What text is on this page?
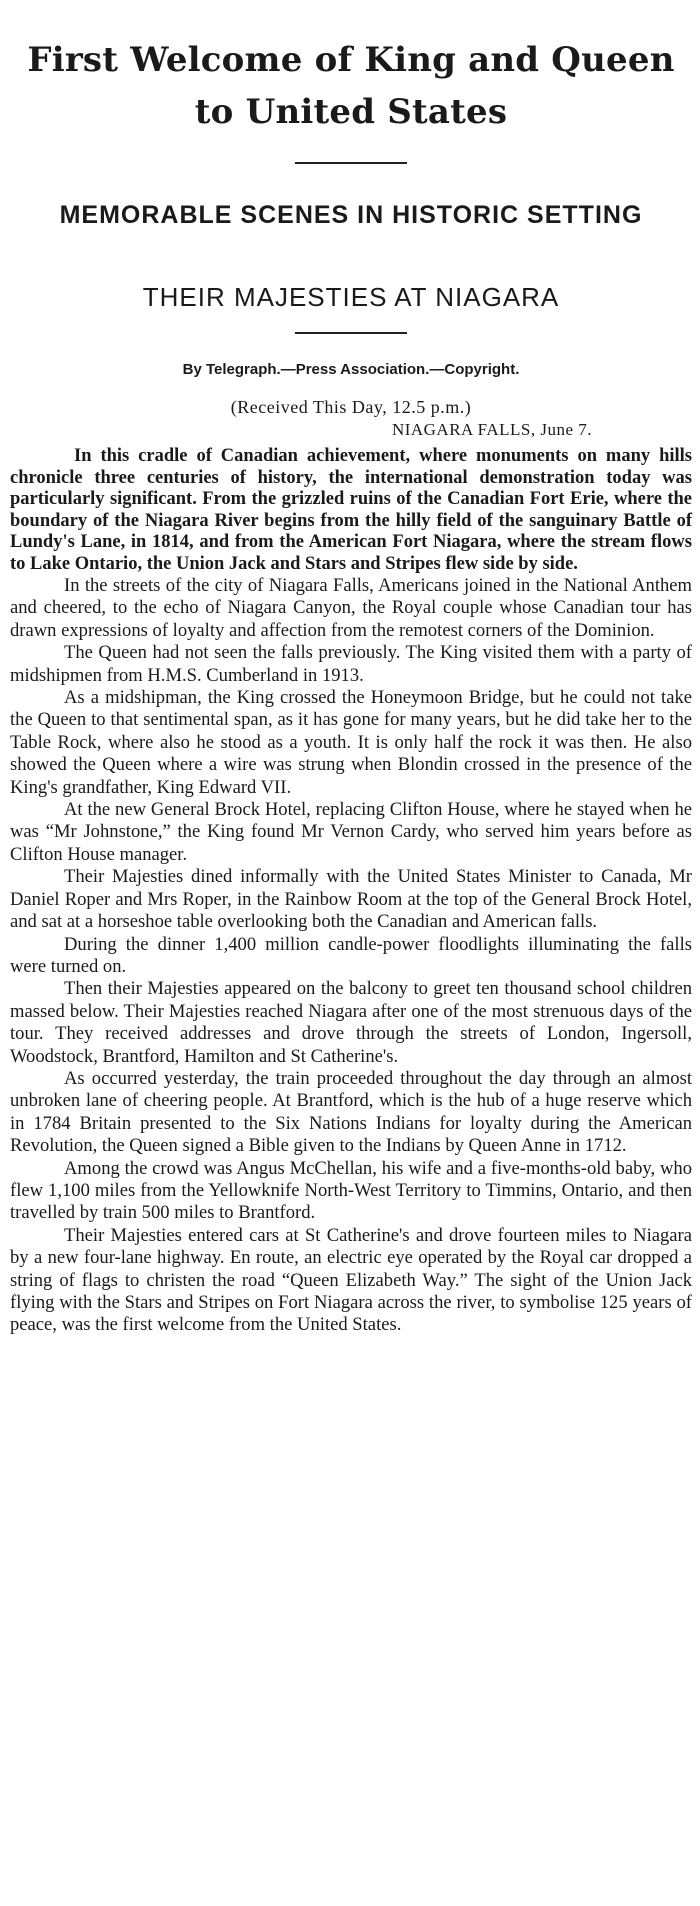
First Welcome of King and Queen
to United States
MEMORABLE SCENES IN HISTORIC SETTING
THEIR MAJESTIES AT NIAGARA
By Telegraph.—Press Association.—Copyright.
(Received This Day, 12.5 p.m.)
NIAGARA FALLS, June 7.

In this cradle of Canadian achievement, where monuments on many hills chronicle three centuries of history, the international demonstration today was particularly significant. From the grizzled ruins of the Canadian Fort Erie, where the boundary of the Niagara River begins from the hilly field of the sanguinary Battle of Lundy's Lane, in 1814, and from the American Fort Niagara, where the stream flows to Lake Ontario, the Union Jack and Stars and Stripes flew side by side.

In the streets of the city of Niagara Falls, Americans joined in the National Anthem and cheered, to the echo of Niagara Canyon, the Royal couple whose Canadian tour has drawn expressions of loyalty and affection from the remotest corners of the Dominion.

The Queen had not seen the falls previously. The King visited them with a party of midshipmen from H.M.S. Cumberland in 1913.

As a midshipman, the King crossed the Honeymoon Bridge, but he could not take the Queen to that sentimental span, as it has gone for many years, but he did take her to the Table Rock, where also he stood as a youth. It is only half the rock it was then. He also showed the Queen where a wire was strung when Blondin crossed in the presence of the King's grandfather, King Edward VII.

At the new General Brock Hotel, replacing Clifton House, where he stayed when he was “Mr Johnstone,” the King found Mr Vernon Cardy, who served him years before as Clifton House manager.

Their Majesties dined informally with the United States Minister to Canada, Mr Daniel Roper and Mrs Roper, in the Rainbow Room at the top of the General Brock Hotel, and sat at a horseshoe table overlooking both the Canadian and American falls.

During the dinner 1,400 million candle-power floodlights illuminating the falls were turned on.

Then their Majesties appeared on the balcony to greet ten thousand school children massed below. Their Majesties reached Niagara after one of the most strenuous days of the tour. They received addresses and drove through the streets of London, Ingersoll, Woodstock, Brantford, Hamilton and St Catherine's.

As occurred yesterday, the train proceeded throughout the day through an almost unbroken lane of cheering people. At Brantford, which is the hub of a huge reserve which in 1784 Britain presented to the Six Nations Indians for loyalty during the American Revolution, the Queen signed a Bible given to the Indians by Queen Anne in 1712.

Among the crowd was Angus McChellan, his wife and a five-months-old baby, who flew 1,100 miles from the Yellowknife North-West Territory to Timmins, Ontario, and then travelled by train 500 miles to Brantford.

Their Majesties entered cars at St Catherine's and drove fourteen miles to Niagara by a new four-lane highway. En route, an electric eye operated by the Royal car dropped a string of flags to christen the road “Queen Elizabeth Way.” The sight of the Union Jack flying with the Stars and Stripes on Fort Niagara across the river, to symbolise 125 years of peace, was the first welcome from the United States.
